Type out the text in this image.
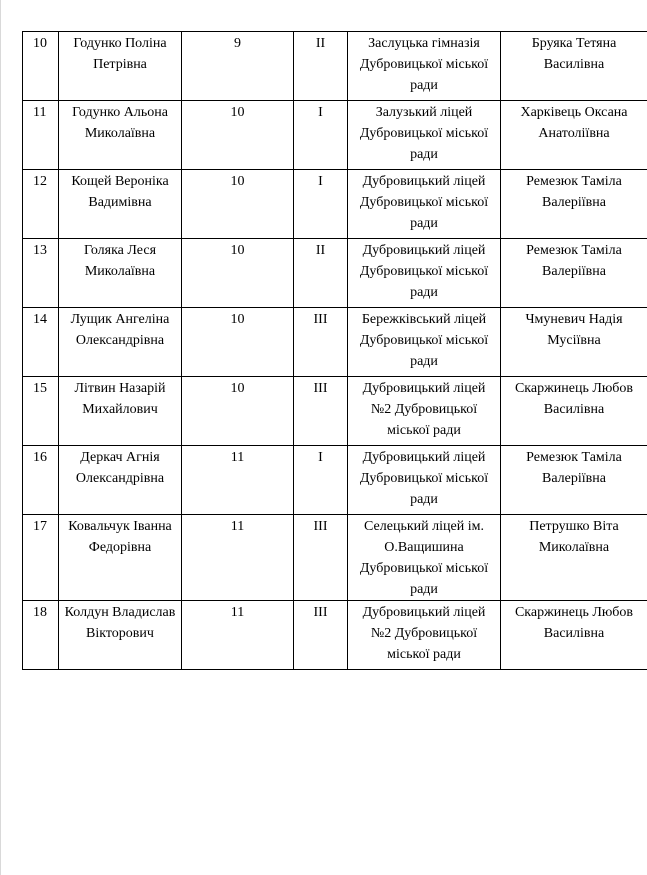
10	Годунко Поліна Петрівна	9	ІІ	Заслуцька гімназія Дубровицької міської ради	Бруяка Тетяна Василівна
11	Годунко Альона Миколаївна	10	І	Залузький ліцей Дубровицької міської ради	Харківець Оксана Анатоліївна
12	Кощей Вероніка Вадимівна	10	І	Дубровицький ліцей Дубровицької міської ради	Ремезюк Таміла Валеріївна
13	Голяка Леся Миколаївна	10	ІІ	Дубровицький ліцей Дубровицької міської ради	Ремезюк Таміла Валеріївна
14	Лущик Ангеліна Олександрівна	10	ІІІ	Бережківський ліцей Дубровицької міської ради	Чмуневич Надія Мусіївна
15	Літвин Назарій Михайлович	10	ІІІ	Дубровицький ліцей №2 Дубровицької міської ради	Скаржинець Любов Василівна
16	Деркач Агнія Олександрівна	11	І	Дубровицький ліцей Дубровицької міської ради	Ремезюк Таміла Валеріївна
17	Ковальчук Іванна Федорівна	11	ІІІ	Селецький ліцей ім. О.Ващишина Дубровицької міської ради	Петрушко Віта Миколаївна
18	Колдун Владислав Вікторович	11	ІІІ	Дубровицький ліцей №2 Дубровицької міської ради	Скаржинець Любов Василівна
